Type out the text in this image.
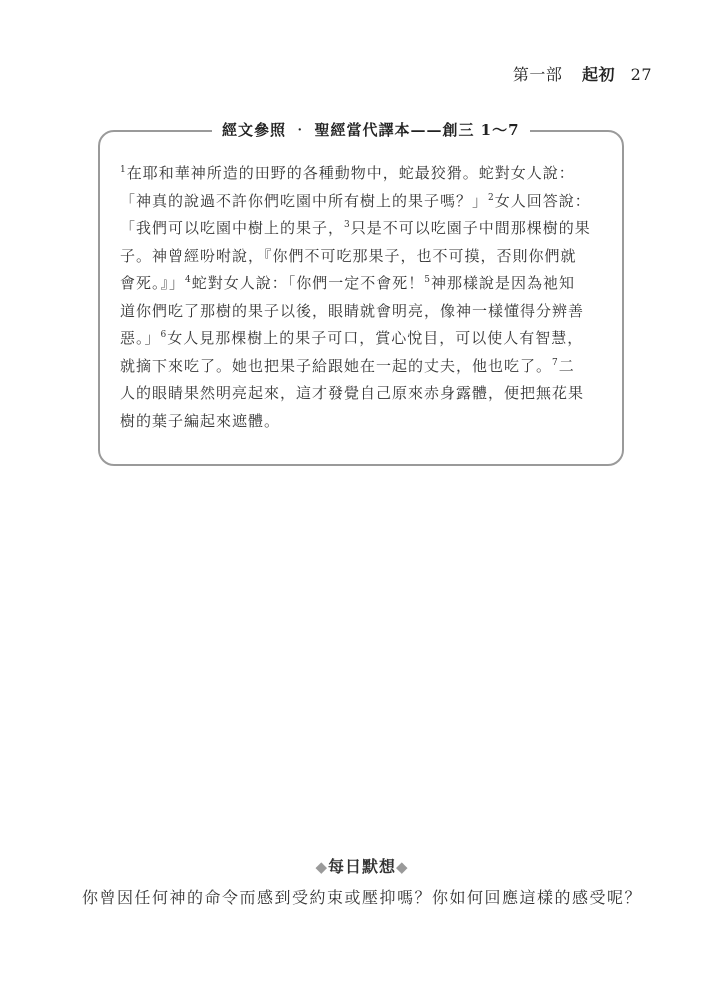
第一部 起初 27
經文參照 ‧ 聖經當代譯本——創三 1～7

$^1$在耶和華神所造的田野的各種動物中，蛇最狡猾。蛇對女人說：

「神真的說過不許你們吃園中所有樹上的果子嗎？」$^2$女人回答說：

「我們可以吃園中樹上的果子，$^3$只是不可以吃園子中間那棵樹的果

子。神曾經吩咐說，『你們不可吃那果子，也不可摸，否則你們就

會死。』」$^4$蛇對女人說：「你們一定不會死！$^5$神那樣說是因為祂知

道你們吃了那樹的果子以後，眼睛就會明亮，像神一樣懂得分辨善

惡。」$^6$女人見那棵樹上的果子可口，賞心悅目，可以使人有智慧，

就摘下來吃了。她也把果子給跟她在一起的丈夫，他也吃了。$^7$二

人的眼睛果然明亮起來，這才發覺自己原來赤身露體，便把無花果

樹的葉子編起來遮體。

◆每日默想◆
你曾因任何神的命令而感到受約束或壓抑嗎？你如何回應這樣的感受呢？
